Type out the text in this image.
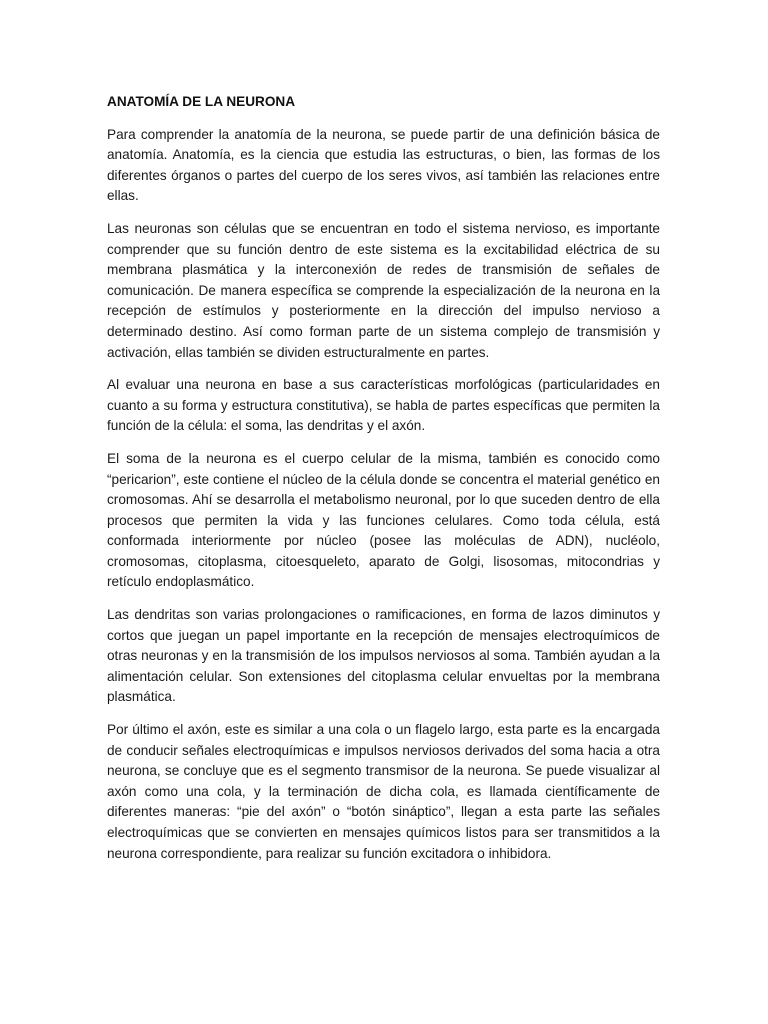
ANATOMÍA DE LA NEURONA

Para comprender la anatomía de la neurona, se puede partir de una definición básica de anatomía. Anatomía, es la ciencia que estudia las estructuras, o bien, las formas de los diferentes órganos o partes del cuerpo de los seres vivos, así también las relaciones entre ellas.

Las neuronas son células que se encuentran en todo el sistema nervioso, es importante comprender que su función dentro de este sistema es la excitabilidad eléctrica de su membrana plasmática y la interconexión de redes de transmisión de señales de comunicación. De manera específica se comprende la especialización de la neurona en la recepción de estímulos y posteriormente en la dirección del impulso nervioso a determinado destino. Así como forman parte de un sistema complejo de transmisión y activación, ellas también se dividen estructuralmente en partes.

Al evaluar una neurona en base a sus características morfológicas (particularidades en cuanto a su forma y estructura constitutiva), se habla de partes específicas que permiten la función de la célula: el soma, las dendritas y el axón.

El soma de la neurona es el cuerpo celular de la misma, también es conocido como “pericarion”, este contiene el núcleo de la célula donde se concentra el material genético en cromosomas. Ahí se desarrolla el metabolismo neuronal, por lo que suceden dentro de ella procesos que permiten la vida y las funciones celulares. Como toda célula, está conformada interiormente por núcleo (posee las moléculas de ADN), nucléolo, cromosomas, citoplasma, citoesqueleto, aparato de Golgi, lisosomas, mitocondrias y retículo endoplasmático.

Las dendritas son varias prolongaciones o ramificaciones, en forma de lazos diminutos y cortos que juegan un papel importante en la recepción de mensajes electroquímicos de otras neuronas y en la transmisión de los impulsos nerviosos al soma. También ayudan a la alimentación celular. Son extensiones del citoplasma celular envueltas por la membrana plasmática.

Por último el axón, este es similar a una cola o un flagelo largo, esta parte es la encargada de conducir señales electroquímicas e impulsos nerviosos derivados del soma hacia a otra neurona, se concluye que es el segmento transmisor de la neurona. Se puede visualizar al axón como una cola, y la terminación de dicha cola, es llamada científicamente de diferentes maneras: “pie del axón” o “botón sináptico”, llegan a esta parte las señales electroquímicas que se convierten en mensajes químicos listos para ser transmitidos a la neurona correspondiente, para realizar su función excitadora o inhibidora.
